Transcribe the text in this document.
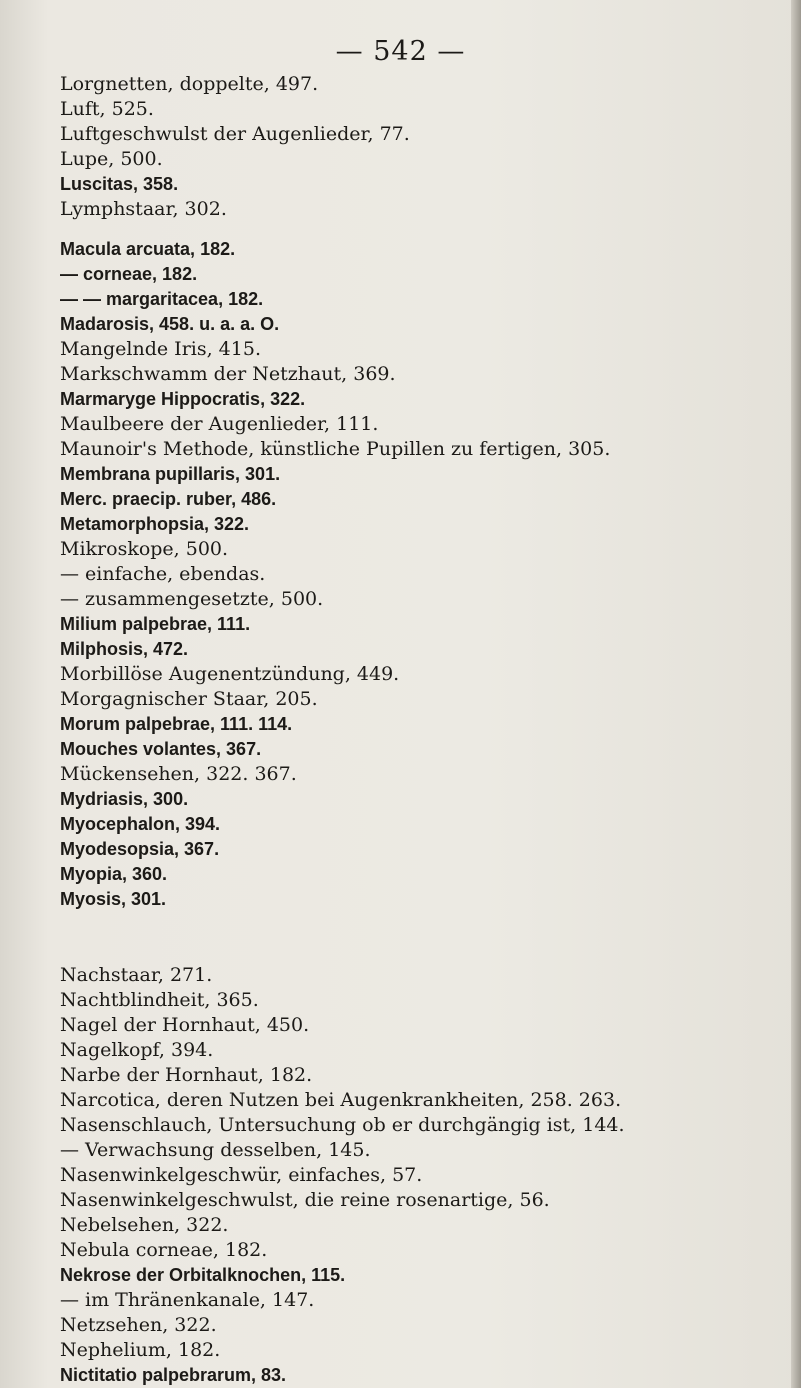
— 542 —
Lorgnetten, doppelte, 497.
Luft, 525.
Luftgeschwulst der Augenlieder, 77.
Lupe, 500.
Luscitas, 358.
Lymphstaar, 302.
Macula arcuata, 182.
— corneae, 182.
— — margaritacea, 182.
Madarosis, 458. u. a. a. O.
Mangelnde Iris, 415.
Markschwamm der Netzhaut, 369.
Marmaryge Hippocratis, 322.
Maulbeere der Augenlieder, 111.
Maunoir's Methode, künstliche Pupillen zu fertigen, 305.
Membrana pupillaris, 301.
Merc. praecip. ruber, 486.
Metamorphopsia, 322.
Mikroskope, 500.
— einfache, ebendas.
— zusammengesetzte, 500.
Milium palpebrae, 111.
Milphosis, 472.
Morbillöse Augenentzündung, 449.
Morgagnischer Staar, 205.
Morum palpebrae, 111. 114.
Mouches volantes, 367.
Mückensehen, 322. 367.
Mydriasis, 300.
Myocephalon, 394.
Myodesopsia, 367.
Myopia, 360.
Myosis, 301.
Nachstaar, 271.
Nachtblindheit, 365.
Nagel der Hornhaut, 450.
Nagelkopf, 394.
Narbe der Hornhaut, 182.
Narcotica, deren Nutzen bei Augenkrankheiten, 258. 263.
Nasenschlauch, Untersuchung ob er durchgängig ist, 144.
— Verwachsung desselben, 145.
Nasenwinkelgeschwür, einfaches, 57.
Nasenwinkelgeschwulst, die reine rosenartige, 56.
Nebelsehen, 322.
Nebula corneae, 182.
Nekrose der Orbitalknochen, 115.
— im Thränenkanale, 147.
Netzsehen, 322.
Nephelium, 182.
Nictitatio palpebrarum, 83.
